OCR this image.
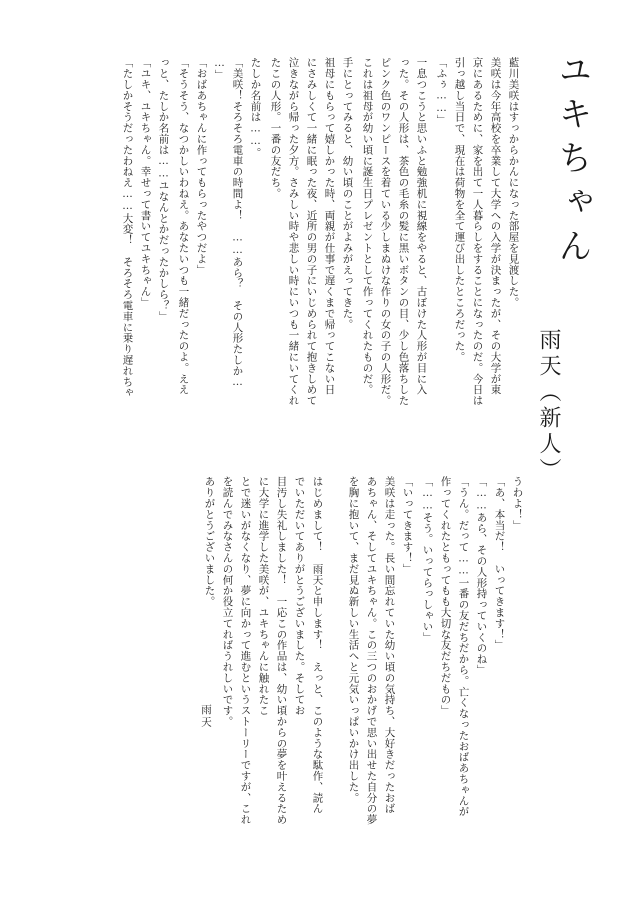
ユキちゃん
雨天（新人）
藍川美咲はすっからかんになった部屋を見渡した。
美咲は今年高校を卒業して大学への入学が決まったが、その大学が東
京にあるために、家を出て一人暮らしをすることになったのだ。今日は
引っ越し当日で、現在は荷物を全て運び出したところだった。
「ふぅ……」
一息つこうと思いふと勉強机に視線をやると、古ぼけた人形が目に入
った。その人形は、茶色の毛糸の髪に黒いボタンの目、少し色落ちした
ピンク色のワンピースを着ている少しまぬけな作りの女の子の人形だ。
これは祖母が幼い頃に誕生日プレゼントとして作ってくれたものだ。
手にとってみると、幼い頃のことがよみがえってきた。
祖母にもらって嬉しかった時、両親が仕事で遅くまで帰ってこない日
にさみしくて一緒に眠った夜、近所の男の子にいじめられて抱きしめて
泣きながら帰った夕方。さみしい時や悲しい時にいつも一緒にいてくれ
たこの人形。一番の友だち。
たしか名前は……。
「美咲！そろそろ電車の時間よ！　……あら？　その人形たしか…
…」
「おばあちゃんに作ってもらったやつだよ」
「そうそう、なつかしいわねえ。あなたいつも一緒だったのよ。ええ
っと、たしか名前は……ユなんとかだったかしら？」
「ユキ、ユキちゃん。幸せって書いてユキちゃん」
「たしかそうだったわねえ……大変！　そろそろ電車に乗り遅れちゃ
うわよ！」
「あ、本当だ！　いってきます！」
「……あら、その人形持っていくのね」
「うん。だって……一番の友だちだから。亡くなったおばあちゃんが
作ってくれたともってもも大切な友だちだもの」
「……そう。いってらっしゃい」
「いってきます！」
美咲は走った。長い間忘れていた幼い頃の気持ち、大好きだったおば
あちゃん、そしてユキちゃん。この三つのおかげで思い出せた自分の夢
を胸に抱いて、まだ見ぬ新しい生活へと元気いっぱいかけ出した。
はじめまして！　雨天と申します！　えっと、このような駄作、読ん
でいただいてありがとうございました。そしてお
目汚し失礼しました！　一応この作品は、幼い頃からの夢を叶えるため
に大学に進学した美咲が、ユキちゃんに触れたこ
とで迷いがなくなり、夢に向かって進むというストーリーですが、これ
を読んでみなさんの何か役立てればうれしいです。
ありがとうございました。
雨天
